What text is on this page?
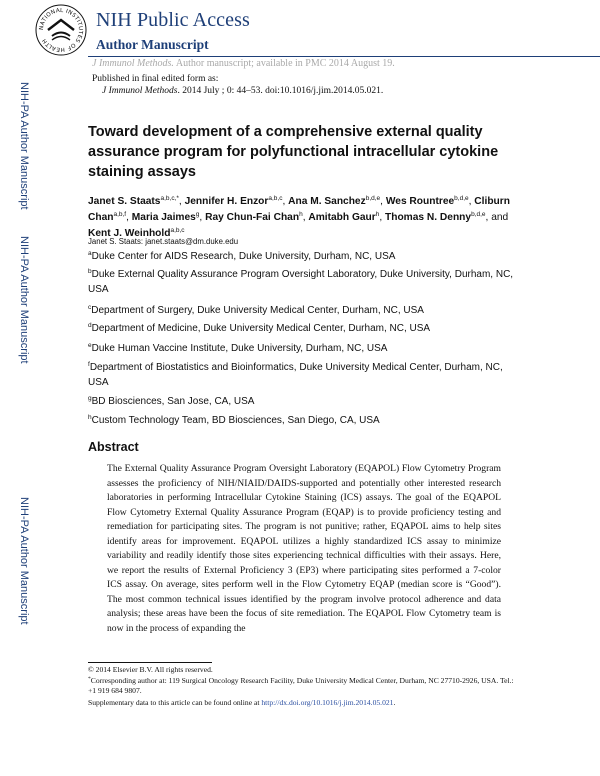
NATIONAL INSTITUTES OF HEALTH
NIH Public Access
Author Manuscript
J Immunol Methods. Author manuscript; available in PMC 2014 August 19.
NIH-PA Author Manuscript
NIH-PA Author Manuscript
NIH-PA Author Manuscript
Published in final edited form as:
J Immunol Methods. 2014 July ; 0: 44–53. doi:10.1016/j.jim.2014.05.021.
Toward development of a comprehensive external quality assurance program for polyfunctional intracellular cytokine staining assays
Janet S. Staats$^{a,b,c,*}$, Jennifer H. Enzor$^{a,b,c}$, Ana M. Sanchez$^{b,d,e}$, Wes Rountree$^{b,d,e}$, Cliburn Chan$^{a,b,f}$, Maria Jaimes$^g$, Ray Chun-Fai Chan$^h$, Amitabh Gaur$^h$, Thomas N. Denny$^{b,d,e}$, and Kent J. Weinhold$^{a,b,c}$
Janet S. Staats: janet.staats@dm.duke.edu
$^a$Duke Center for AIDS Research, Duke University, Durham, NC, USA
$^b$Duke External Quality Assurance Program Oversight Laboratory, Duke University, Durham, NC, USA
$^c$Department of Surgery, Duke University Medical Center, Durham, NC, USA
$^d$Department of Medicine, Duke University Medical Center, Durham, NC, USA
$^e$Duke Human Vaccine Institute, Duke University, Durham, NC, USA
$^f$Department of Biostatistics and Bioinformatics, Duke University Medical Center, Durham, NC, USA
$^g$BD Biosciences, San Jose, CA, USA
$^h$Custom Technology Team, BD Biosciences, San Diego, CA, USA
Abstract
The External Quality Assurance Program Oversight Laboratory (EQAPOL) Flow Cytometry Program assesses the proficiency of NIH/NIAID/DAIDS-supported and potentially other interested research laboratories in performing Intracellular Cytokine Staining (ICS) assays. The goal of the EQAPOL Flow Cytometry External Quality Assurance Program (EQAP) is to provide proficiency testing and remediation for participating sites. The program is not punitive; rather, EQAPOL aims to help sites identify areas for improvement. EQAPOL utilizes a highly standardized ICS assay to minimize variability and readily identify those sites experiencing technical difficulties with their assays. Here, we report the results of External Proficiency 3 (EP3) where participating sites performed a 7-color ICS assay. On average, sites perform well in the Flow Cytometry EQAP (median score is “Good”). The most common technical issues identified by the program involve protocol adherence and data analysis; these areas have been the focus of site remediation. The EQAPOL Flow Cytometry team is now in the process of expanding the
© 2014 Elsevier B.V. All rights reserved.
*Corresponding author at: 119 Surgical Oncology Research Facility, Duke University Medical Center, Durham, NC 27710-2926, USA. Tel.: +1 919 684 9807.
Supplementary data to this article can be found online at http://dx.doi.org/10.1016/j.jim.2014.05.021.
